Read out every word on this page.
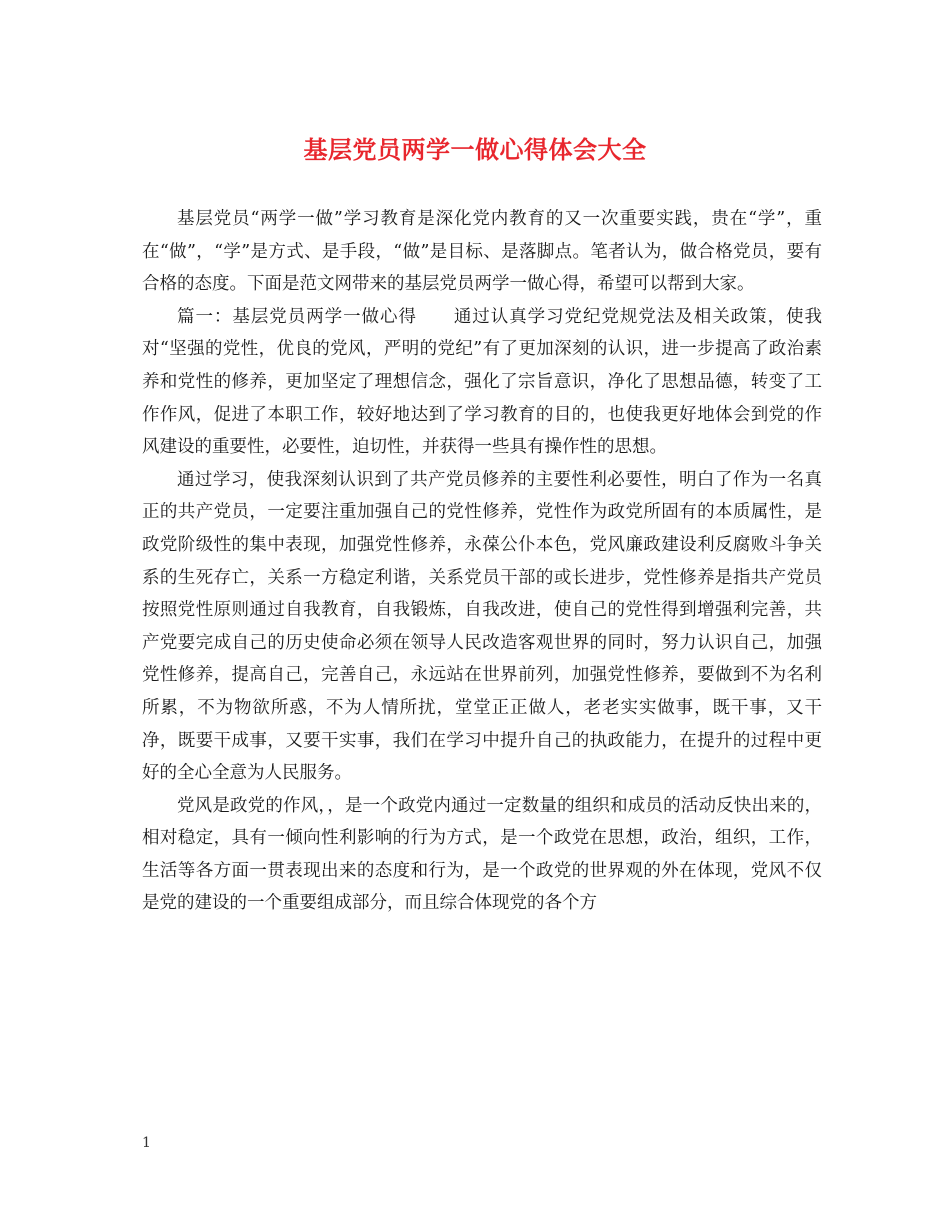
基层党员两学一做心得体会大全

基层党员“两学一做”学习教育是深化党内教育的又一次重要实践，贵在“学”，重在“做”，“学”是方式、是手段，“做”是目标、是落脚点。笔者认为，做合格党员，要有合格的态度。下面是范文网带来的基层党员两学一做心得，希望可以帮到大家。

篇一：基层党员两学一做心得　　通过认真学习党纪党规党法及相关政策，使我对“坚强的党性，优良的党风，严明的党纪”有了更加深刻的认识，进一步提高了政治素养和党性的修养，更加坚定了理想信念，强化了宗旨意识，净化了思想品德，转变了工作作风，促进了本职工作，较好地达到了学习教育的目的，也使我更好地体会到党的作风建设的重要性，必要性，迫切性，并获得一些具有操作性的思想。

通过学习，使我深刻认识到了共产党员修养的主要性利必要性，明白了作为一名真正的共产党员，一定要注重加强自己的党性修养，党性作为政党所固有的本质属性，是政党阶级性的集中表现，加强党性修养，永葆公仆本色，党风廉政建设利反腐败斗争关系的生死存亡，关系一方稳定利谐，关系党员干部的或长进步，党性修养是指共产党员按照党性原则通过自我教育，自我锻炼，自我改进，使自己的党性得到增强利完善，共产党要完成自己的历史使命必须在领导人民改造客观世界的同时，努力认识自己，加强党性修养，提高自己，完善自己，永远站在世界前列，加强党性修养，要做到不为名利所累，不为物欲所惑，不为人情所扰，堂堂正正做人，老老实实做事，既干事，又干净，既要干成事，又要干实事，我们在学习中提升自己的执政能力，在提升的过程中更好的全心全意为人民服务。

党风是政党的作风，，是一个政党内通过一定数量的组织和成员的活动反快出来的，相对稳定，具有一倾向性利影响的行为方式，是一个政党在思想，政治，组织，工作，生活等各方面一贯表现出来的态度和行为，是一个政党的世界观的外在体现，党风不仅是党的建设的一个重要组成部分，而且综合体现党的各个方

1
